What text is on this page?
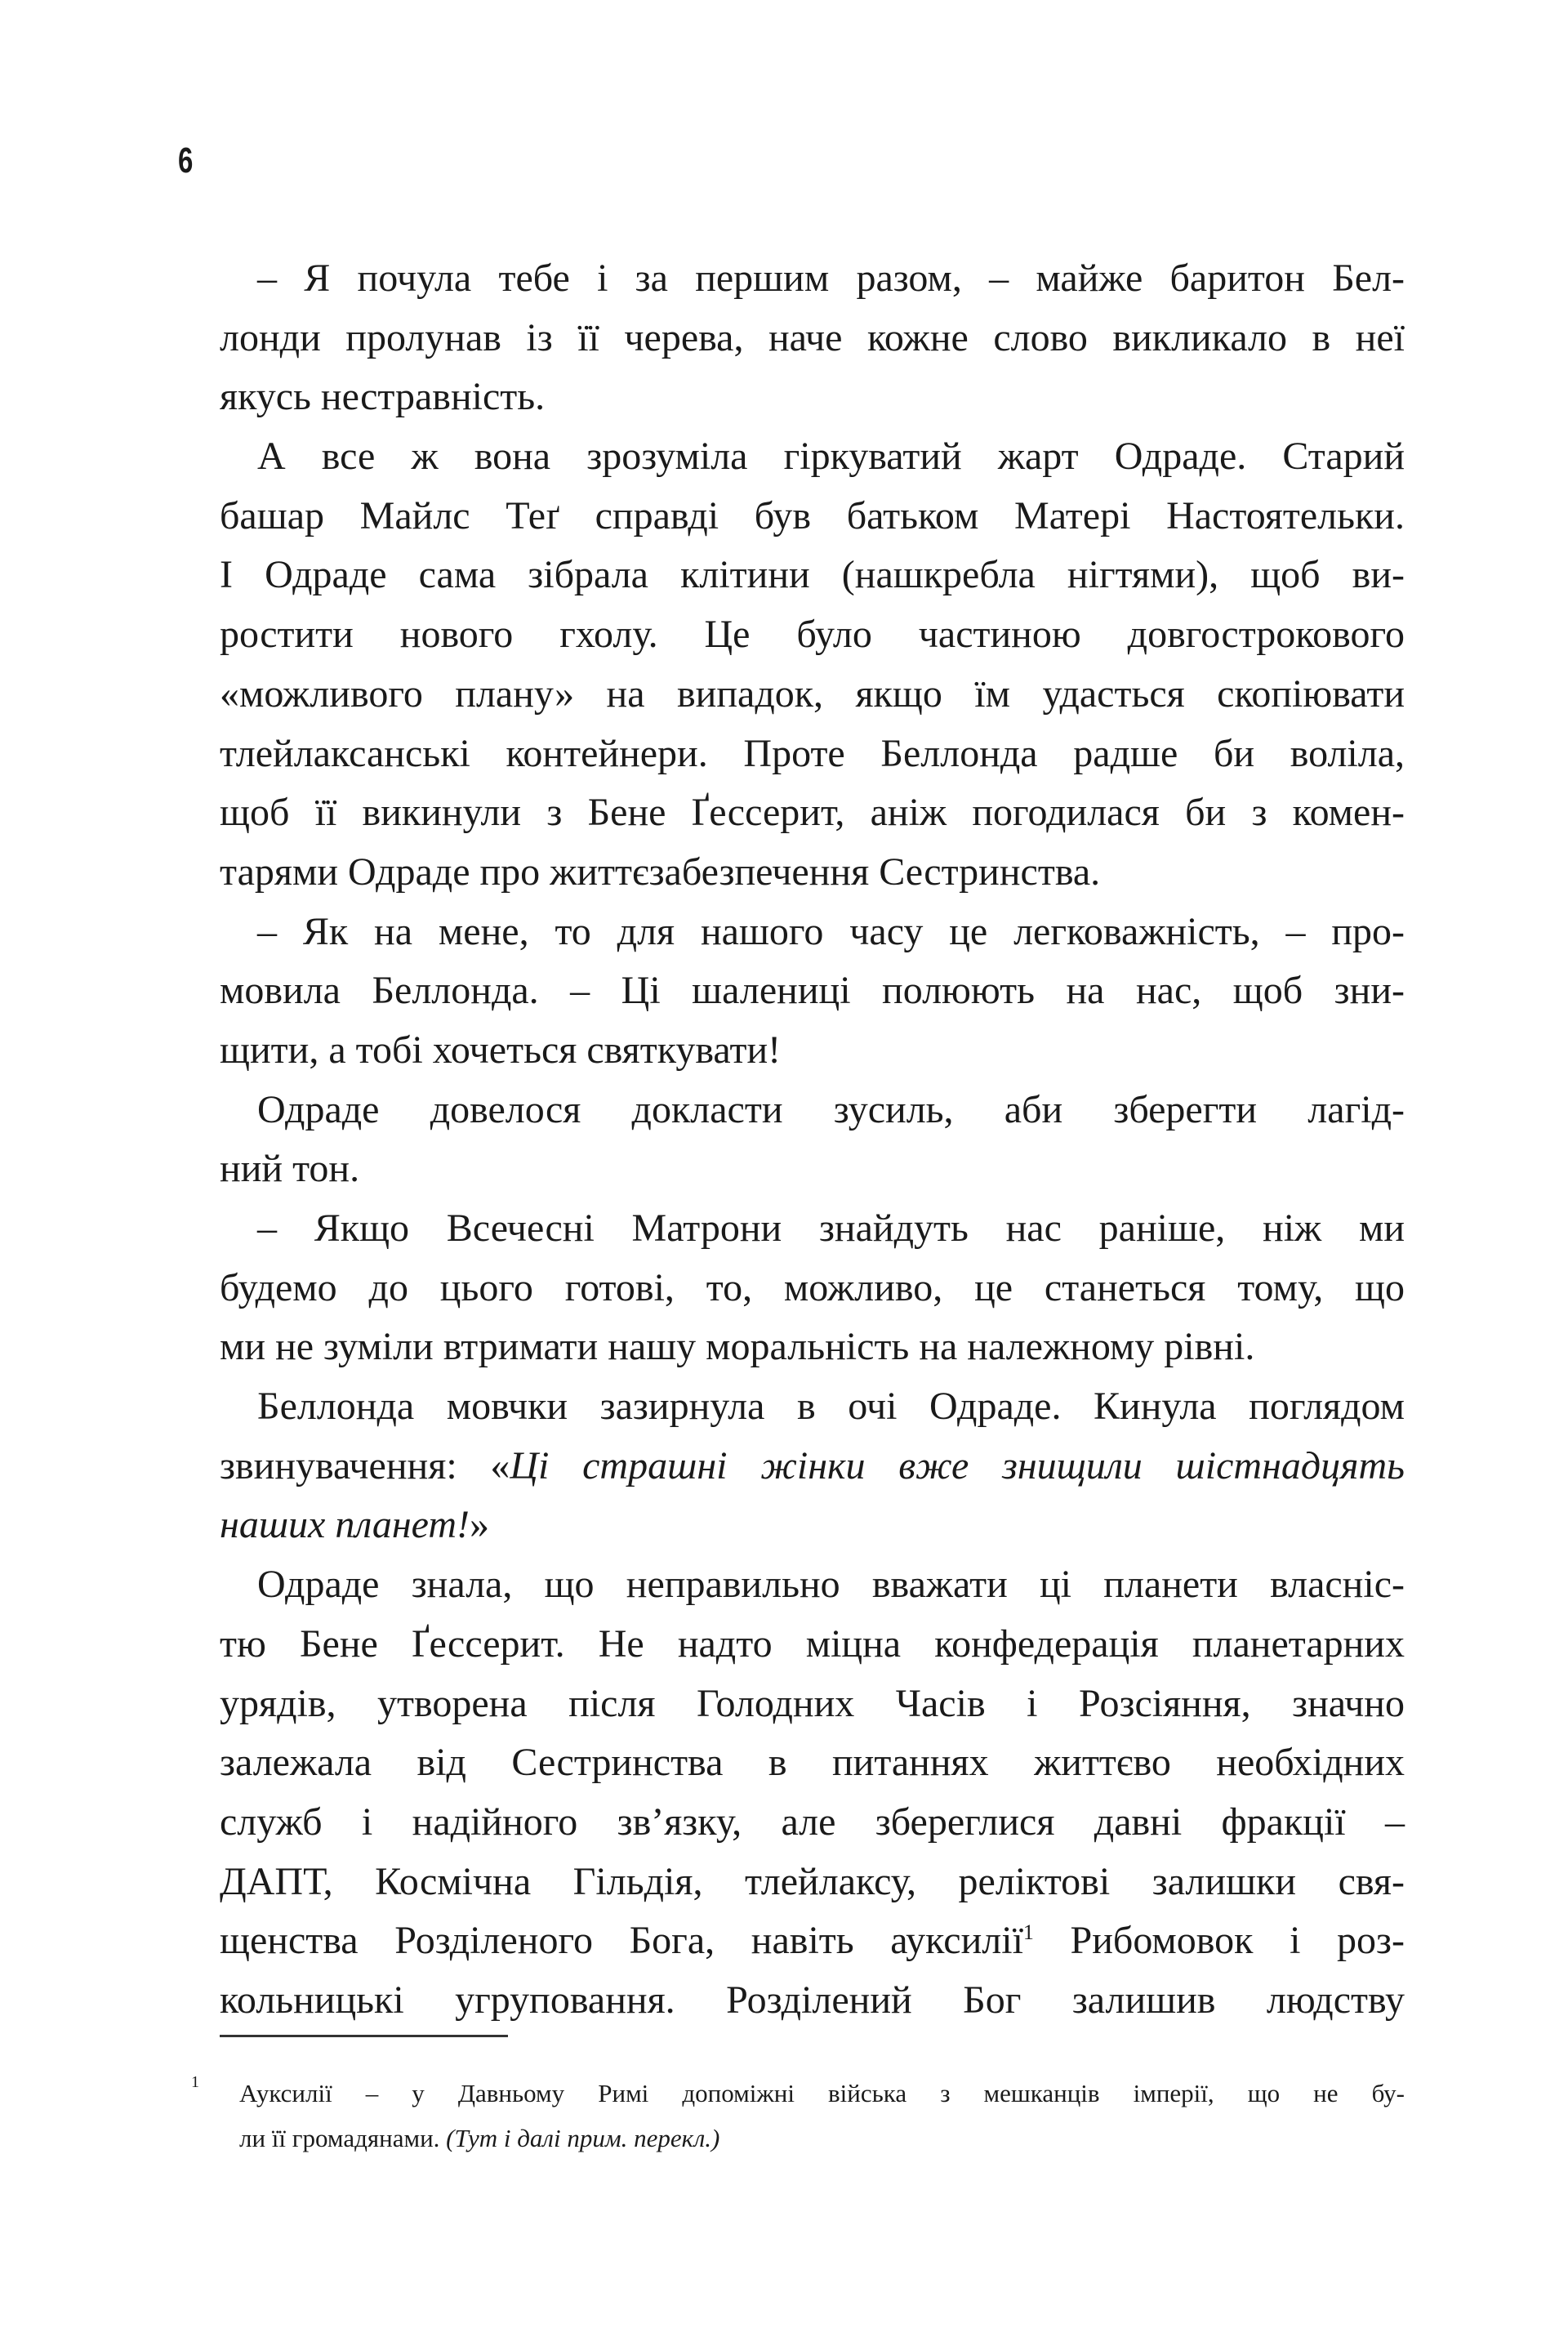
6
– Я почула тебе і за першим разом, – майже баритон Бел-
лонди пролунав із її черева, наче кожне слово викликало в неї
якусь нестравність.
А все ж вона зрозуміла гіркуватий жарт Одраде. Старий
башар Майлс Теґ справді був батьком Матері Настоятельки.
І Одраде сама зібрала клітини (нашкребла нігтями), щоб ви-
ростити нового гхолу. Це було частиною довгострокового
«можливого плану» на випадок, якщо їм удасться скопіювати
тлейлаксанські контейнери. Проте Беллонда радше би воліла,
щоб її викинули з Бене Ґессерит, аніж погодилася би з комен-
тарями Одраде про життєзабезпечення Сестринства.
– Як на мене, то для нашого часу це легковажність, – про-
мовила Беллонда. – Ці шалениці полюють на нас, щоб зни-
щити, а тобі хочеться святкувати!
Одраде довелося докласти зусиль, аби зберегти лагід-
ний тон.
– Якщо Всечесні Матрони знайдуть нас раніше, ніж ми
будемо до цього готові, то, можливо, це станеться тому, що
ми не зуміли втримати нашу моральність на належному рівні.
Беллонда мовчки зазирнула в очі Одраде. Кинула поглядом
звинувачення: «Ці страшні жінки вже знищили шістнадцять
наших планет!»
Одраде знала, що неправильно вважати ці планети власніс-
тю Бене Ґессерит. Не надто міцна конфедерація планетарних
урядів, утворена після Голодних Часів і Розсіяння, значно
залежала від Сестринства в питаннях життєво необхідних
служб і надійного зв’язку, але збереглися давні фракції –
ДАПТ, Космічна Гільдія, тлейлаксу, реліктові залишки свя-
щенства Розділеного Бога, навіть ауксилії$^1$ Рибомовок і роз-
кольницькі угруповання. Розділений Бог залишив людству
1 Ауксилії – у Давньому Римі допоміжні війська з мешканців імперії, що не бу-
ли її громадянами. (Тут і далі прим. перекл.)
